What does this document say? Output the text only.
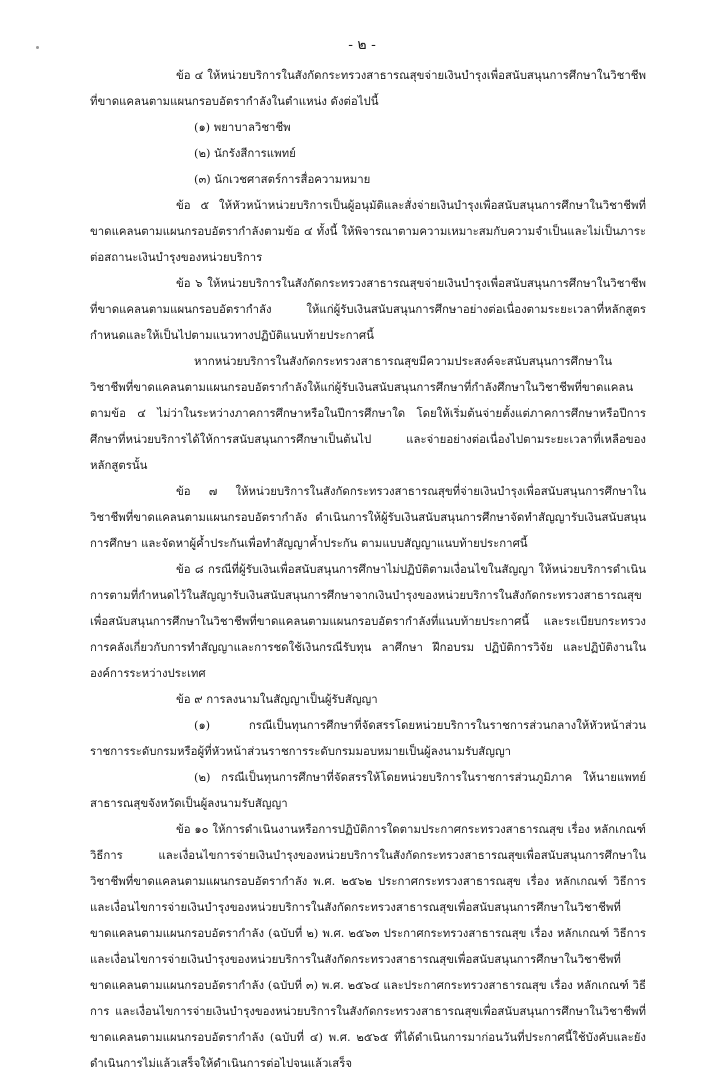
- ๒ -

ข้อ ๔ ให้หน่วยบริการในสังกัดกระทรวงสาธารณสุขจ่ายเงินบำรุงเพื่อสนับสนุนการศึกษาในวิชาชีพที่ขาดแคลนตามแผนกรอบอัตรากำลังในตำแหน่ง ดังต่อไปนี้

(๑) พยาบาลวิชาชีพ

(๒) นักรังสีการแพทย์

(๓) นักเวชศาสตร์การสื่อความหมาย

ข้อ ๕ ให้หัวหน้าหน่วยบริการเป็นผู้อนุมัติและสั่งจ่ายเงินบำรุงเพื่อสนับสนุนการศึกษาในวิชาชีพที่ขาดแคลนตามแผนกรอบอัตรากำลังตามข้อ ๔ ทั้งนี้ ให้พิจารณาตามความเหมาะสมกับความจำเป็นและไม่เป็นภาระต่อสถานะเงินบำรุงของหน่วยบริการ

ข้อ ๖ ให้หน่วยบริการในสังกัดกระทรวงสาธารณสุขจ่ายเงินบำรุงเพื่อสนับสนุนการศึกษาในวิชาชีพที่ขาดแคลนตามแผนกรอบอัตรากำลัง ให้แก่ผู้รับเงินสนับสนุนการศึกษาอย่างต่อเนื่องตามระยะเวลาที่หลักสูตรกำหนดและให้เป็นไปตามแนวทางปฏิบัติแนบท้ายประกาศนี้

หากหน่วยบริการในสังกัดกระทรวงสาธารณสุขมีความประสงค์จะสนับสนุนการศึกษาในวิชาชีพที่ขาดแคลนตามแผนกรอบอัตรากำลังให้แก่ผู้รับเงินสนับสนุนการศึกษาที่กำลังศึกษาในวิชาชีพที่ขาดแคลนตามข้อ ๔ ไม่ว่าในระหว่างภาคการศึกษาหรือในปีการศึกษาใด โดยให้เริ่มต้นจ่ายตั้งแต่ภาคการศึกษาหรือปีการศึกษาที่หน่วยบริการได้ให้การสนับสนุนการศึกษาเป็นต้นไป และจ่ายอย่างต่อเนื่องไปตามระยะเวลาที่เหลือของหลักสูตรนั้น

ข้อ ๗ ให้หน่วยบริการในสังกัดกระทรวงสาธารณสุขที่จ่ายเงินบำรุงเพื่อสนับสนุนการศึกษาในวิชาชีพที่ขาดแคลนตามแผนกรอบอัตรากำลัง ดำเนินการให้ผู้รับเงินสนับสนุนการศึกษาจัดทำสัญญารับเงินสนับสนุนการศึกษา และจัดหาผู้ค้ำประกันเพื่อทำสัญญาค้ำประกัน ตามแบบสัญญาแนบท้ายประกาศนี้

ข้อ ๘ กรณีที่ผู้รับเงินเพื่อสนับสนุนการศึกษาไม่ปฏิบัติตามเงื่อนไขในสัญญา ให้หน่วยบริการดำเนินการตามที่กำหนดไว้ในสัญญารับเงินสนับสนุนการศึกษาจากเงินบำรุงของหน่วยบริการในสังกัดกระทรวงสาธารณสุขเพื่อสนับสนุนการศึกษาในวิชาชีพที่ขาดแคลนตามแผนกรอบอัตรากำลังที่แนบท้ายประกาศนี้ และระเบียบกระทรวงการคลังเกี่ยวกับการทำสัญญาและการชดใช้เงินกรณีรับทุน ลาศึกษา ฝึกอบรม ปฏิบัติการวิจัย และปฏิบัติงานในองค์การระหว่างประเทศ

ข้อ ๙ การลงนามในสัญญาเป็นผู้รับสัญญา

(๑) กรณีเป็นทุนการศึกษาที่จัดสรรโดยหน่วยบริการในราชการส่วนกลางให้หัวหน้าส่วนราชการระดับกรมหรือผู้ที่หัวหน้าส่วนราชการระดับกรมมอบหมายเป็นผู้ลงนามรับสัญญา

(๒) กรณีเป็นทุนการศึกษาที่จัดสรรให้โดยหน่วยบริการในราชการส่วนภูมิภาค ให้นายแพทย์สาธารณสุขจังหวัดเป็นผู้ลงนามรับสัญญา

ข้อ ๑๐ ให้การดำเนินงานหรือการปฏิบัติการใดตามประกาศกระทรวงสาธารณสุข เรื่อง หลักเกณฑ์ วิธีการ และเงื่อนไขการจ่ายเงินบำรุงของหน่วยบริการในสังกัดกระทรวงสาธารณสุขเพื่อสนับสนุนการศึกษาในวิชาชีพที่ขาดแคลนตามแผนกรอบอัตรากำลัง พ.ศ. ๒๕๖๒ ประกาศกระทรวงสาธารณสุข เรื่อง หลักเกณฑ์ วิธีการ และเงื่อนไขการจ่ายเงินบำรุงของหน่วยบริการในสังกัดกระทรวงสาธารณสุขเพื่อสนับสนุนการศึกษาในวิชาชีพที่ขาดแคลนตามแผนกรอบอัตรากำลัง (ฉบับที่ ๒) พ.ศ. ๒๕๖๓ ประกาศกระทรวงสาธารณสุข เรื่อง หลักเกณฑ์ วิธีการ และเงื่อนไขการจ่ายเงินบำรุงของหน่วยบริการในสังกัดกระทรวงสาธารณสุขเพื่อสนับสนุนการศึกษาในวิชาชีพที่ขาดแคลนตามแผนกรอบอัตรากำลัง (ฉบับที่ ๓) พ.ศ. ๒๕๖๔ และประกาศกระทรวงสาธารณสุข เรื่อง หลักเกณฑ์ วิธีการ และเงื่อนไขการจ่ายเงินบำรุงของหน่วยบริการในสังกัดกระทรวงสาธารณสุขเพื่อสนับสนุนการศึกษาในวิชาชีพที่ขาดแคลนตามแผนกรอบอัตรากำลัง (ฉบับที่ ๔) พ.ศ. ๒๕๖๕ ที่ได้ดำเนินการมาก่อนวันที่ประกาศนี้ใช้บังคับและยังดำเนินการไม่แล้วเสร็จให้ดำเนินการต่อไปจนแล้วเสร็จ
